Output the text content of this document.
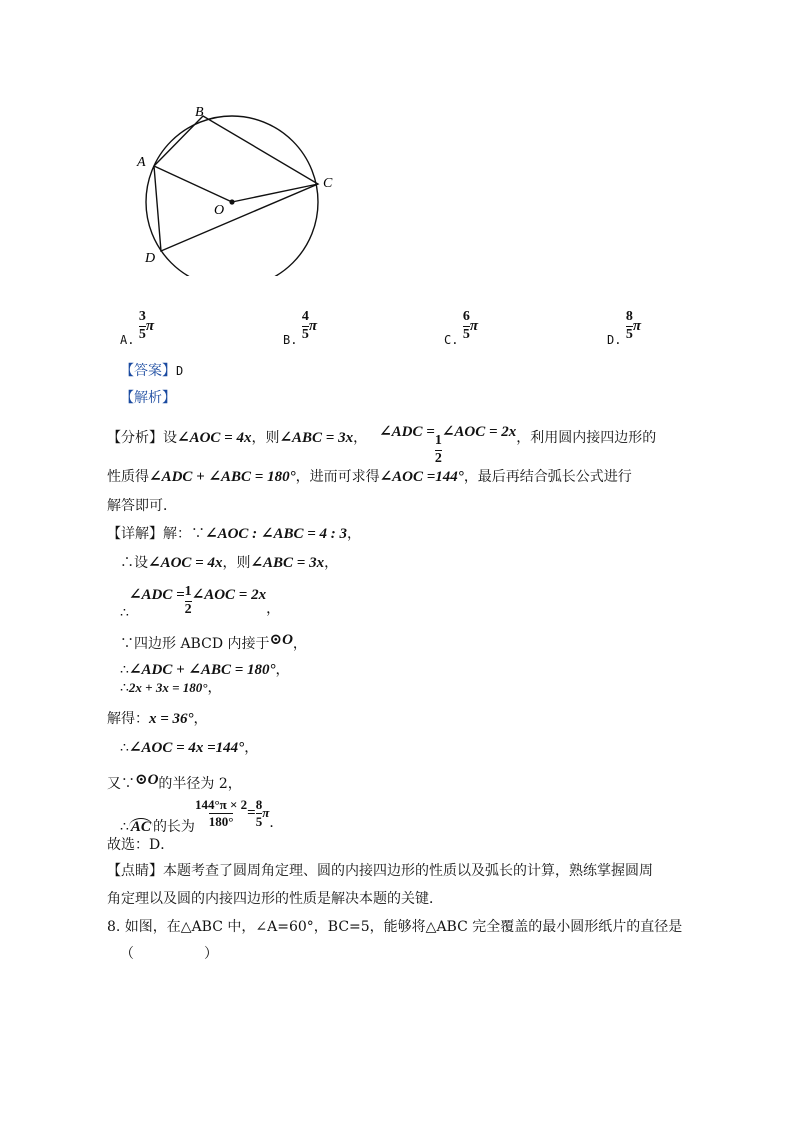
B
A
C
O
D
A. $\frac{3}{5}$ π
B. $\frac{4}{5}$ π
C. $\frac{6}{5}$ π
D. $\frac{8}{5}$ π
【答案】D
【解析】
【分析】设∠AOC = 4x，则∠ABC = 3x， ∠ADC =
$\frac{1}{2}$
∠AOC = 2x，利用圆内接四边形的
性质得∠ADC + ∠ABC = 180°，进而可求得∠AOC =144°，最后再结合弧长公式进行
解答即可．
【详解】解：∵∠AOC : ∠ABC = 4 : 3，
∴设∠AOC = 4x，则∠ABC = 3x，
∴∠ADC = $\frac{1}{2}$ ∠AOC = 2x，
∵四边形 ABCD 内接于⊙O，
∴∠ADC + ∠ABC = 180°，
∴2x + 3x = 180°，
解得：x = 36°，
∴∠AOC = 4x =144°，
又∵⊙O的半径为 2，
∴ AC 的长为 $\frac{144^\circ\pi \times 2}{180^\circ} = \frac{8}{5}$ π．
故选：D．
【点睛】本题考查了圆周角定理、圆的内接四边形的性质以及弧长的计算，熟练掌握圆周
角定理以及圆的内接四边形的性质是解决本题的关键．
8. 如图，在△ABC 中，∠A=60°，BC=5，能够将△ABC 完全覆盖的最小圆形纸片的直径是
（　　　　　）
